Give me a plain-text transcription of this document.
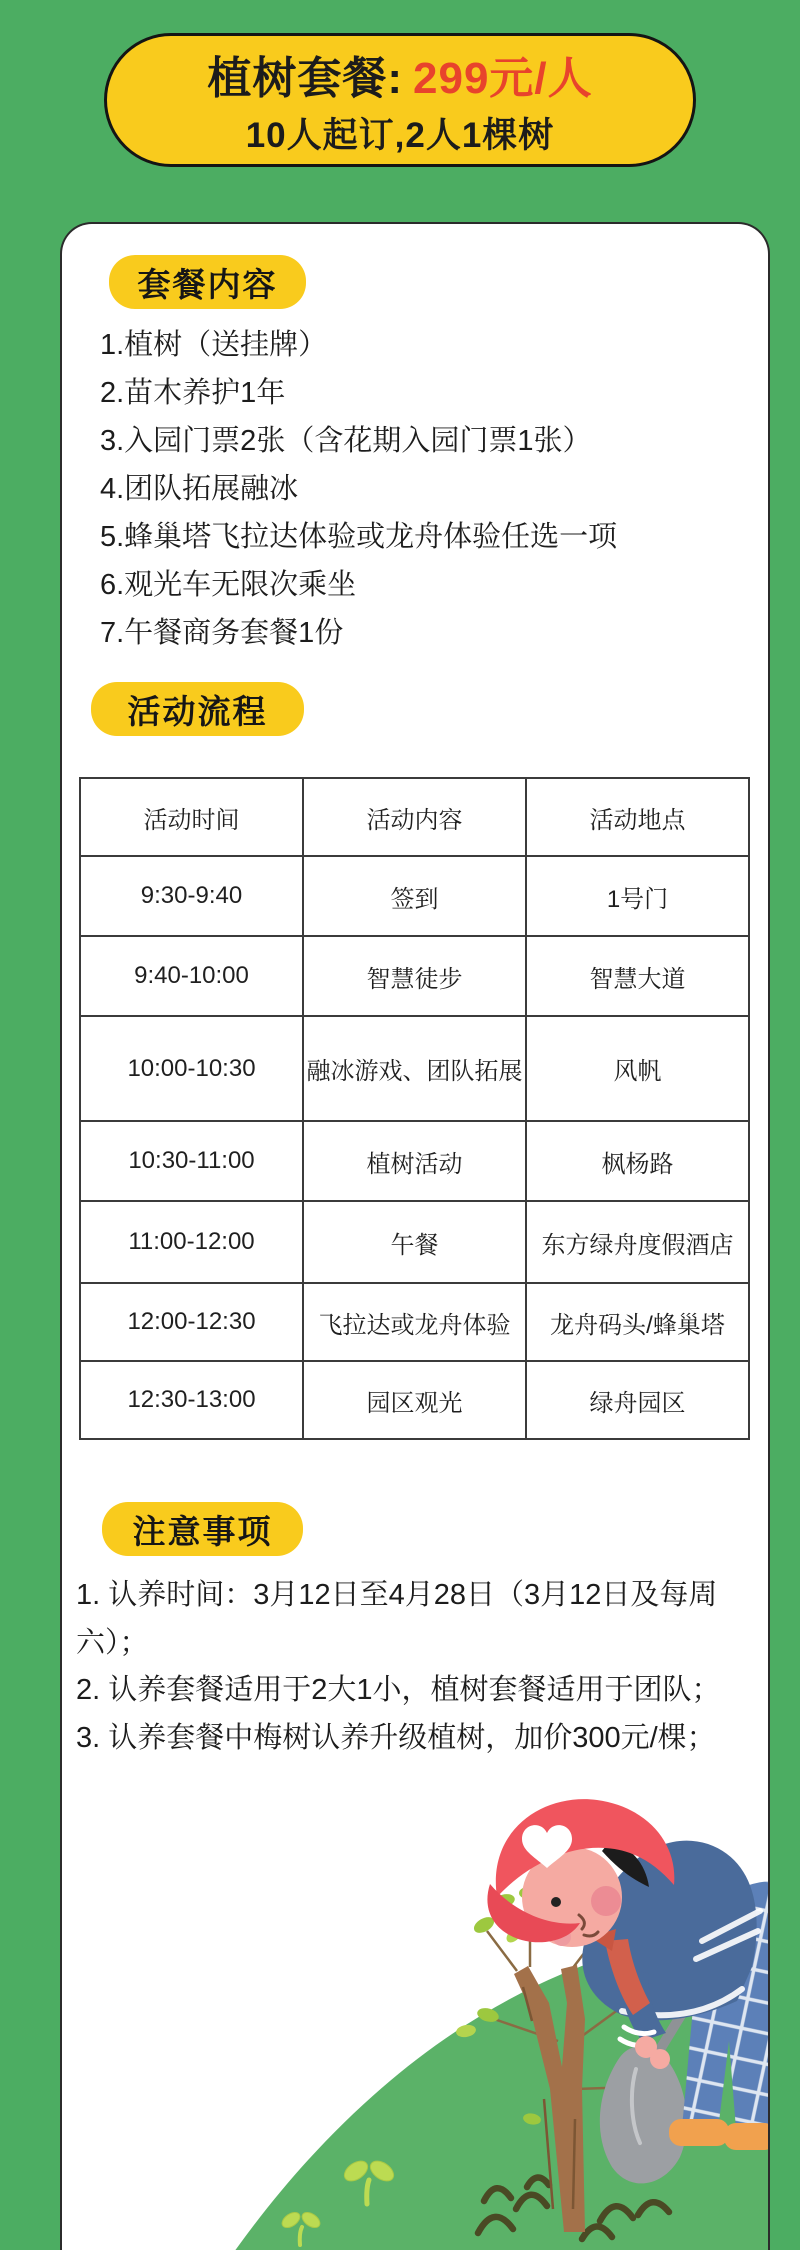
植树套餐: 299元/人
10人起订,2人1棵树
套餐内容
1.植树（送挂牌）
2.苗木养护1年
3.入园门票2张（含花期入园门票1张）
4.团队拓展融冰
5.蜂巢塔飞拉达体验或龙舟体验任选一项
6.观光车无限次乘坐
7.午餐商务套餐1份
活动流程
活动时间	活动内容	活动地点
9:30-9:40	签到	1号门
9:40-10:00	智慧徒步	智慧大道
10:00-10:30	融冰游戏、团队拓展	风帆
10:30-11:00	植树活动	枫杨路
11:00-12:00	午餐	东方绿舟度假酒店
12:00-12:30	飞拉达或龙舟体验	龙舟码头/蜂巢塔
12:30-13:00	园区观光	绿舟园区
注意事项

1. 认养时间：3月12日至4月28日（3月12日及每周六）；

2. 认养套餐适用于2大1小，植树套餐适用于团队；

3. 认养套餐中梅树认养升级植树，加价300元/棵；
